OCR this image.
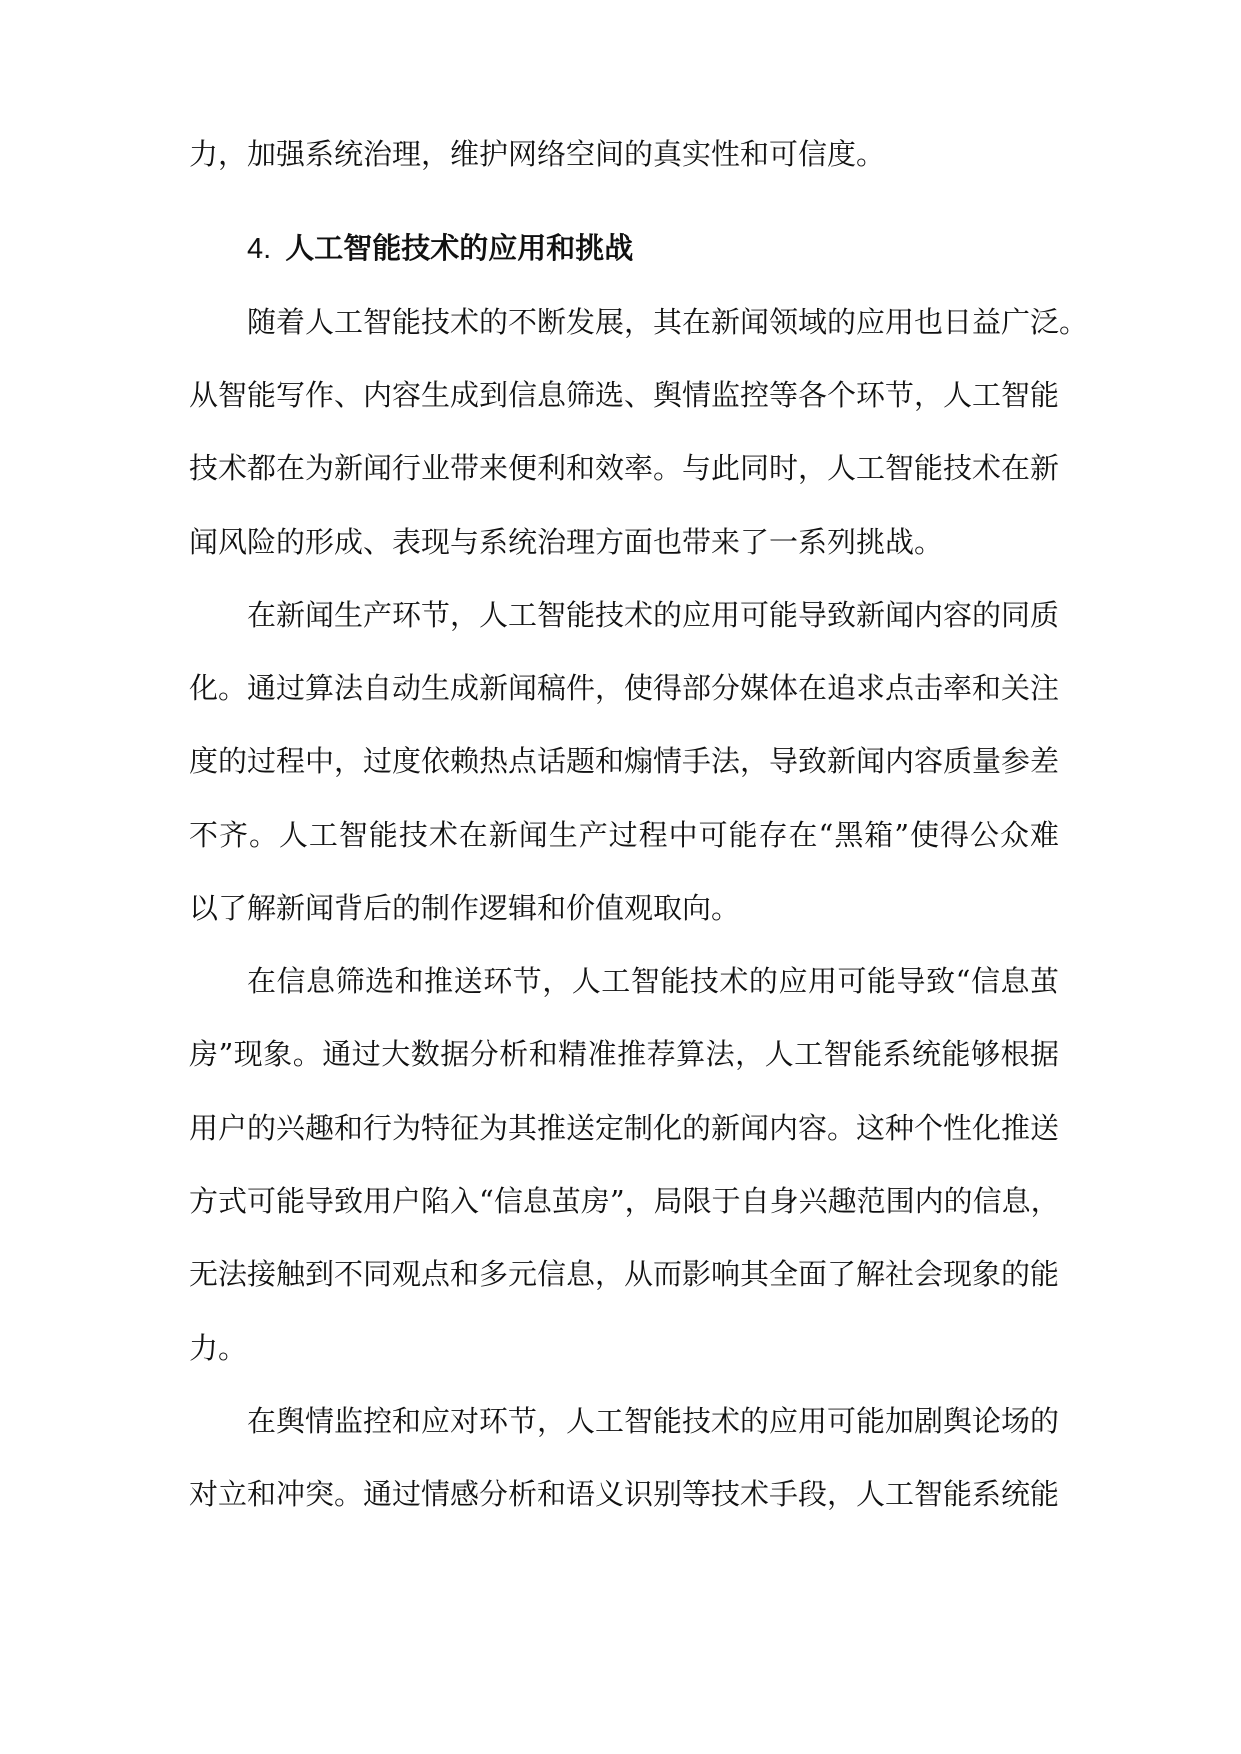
力，加强系统治理，维护网络空间的真实性和可信度。
4. 人工智能技术的应用和挑战
随着人工智能技术的不断发展，其在新闻领域的应用也日益广泛。
从智能写作、内容生成到信息筛选、舆情监控等各个环节，人工智能
技术都在为新闻行业带来便利和效率。与此同时，人工智能技术在新
闻风险的形成、表现与系统治理方面也带来了一系列挑战。
在新闻生产环节，人工智能技术的应用可能导致新闻内容的同质
化。通过算法自动生成新闻稿件，使得部分媒体在追求点击率和关注
度的过程中，过度依赖热点话题和煽情手法，导致新闻内容质量参差
不齐。人工智能技术在新闻生产过程中可能存在“黑箱”使得公众难
以了解新闻背后的制作逻辑和价值观取向。
在信息筛选和推送环节，人工智能技术的应用可能导致“信息茧
房”现象。通过大数据分析和精准推荐算法，人工智能系统能够根据
用户的兴趣和行为特征为其推送定制化的新闻内容。这种个性化推送
方式可能导致用户陷入“信息茧房”，局限于自身兴趣范围内的信息，
无法接触到不同观点和多元信息，从而影响其全面了解社会现象的能
力。
在舆情监控和应对环节，人工智能技术的应用可能加剧舆论场的
对立和冲突。通过情感分析和语义识别等技术手段，人工智能系统能
